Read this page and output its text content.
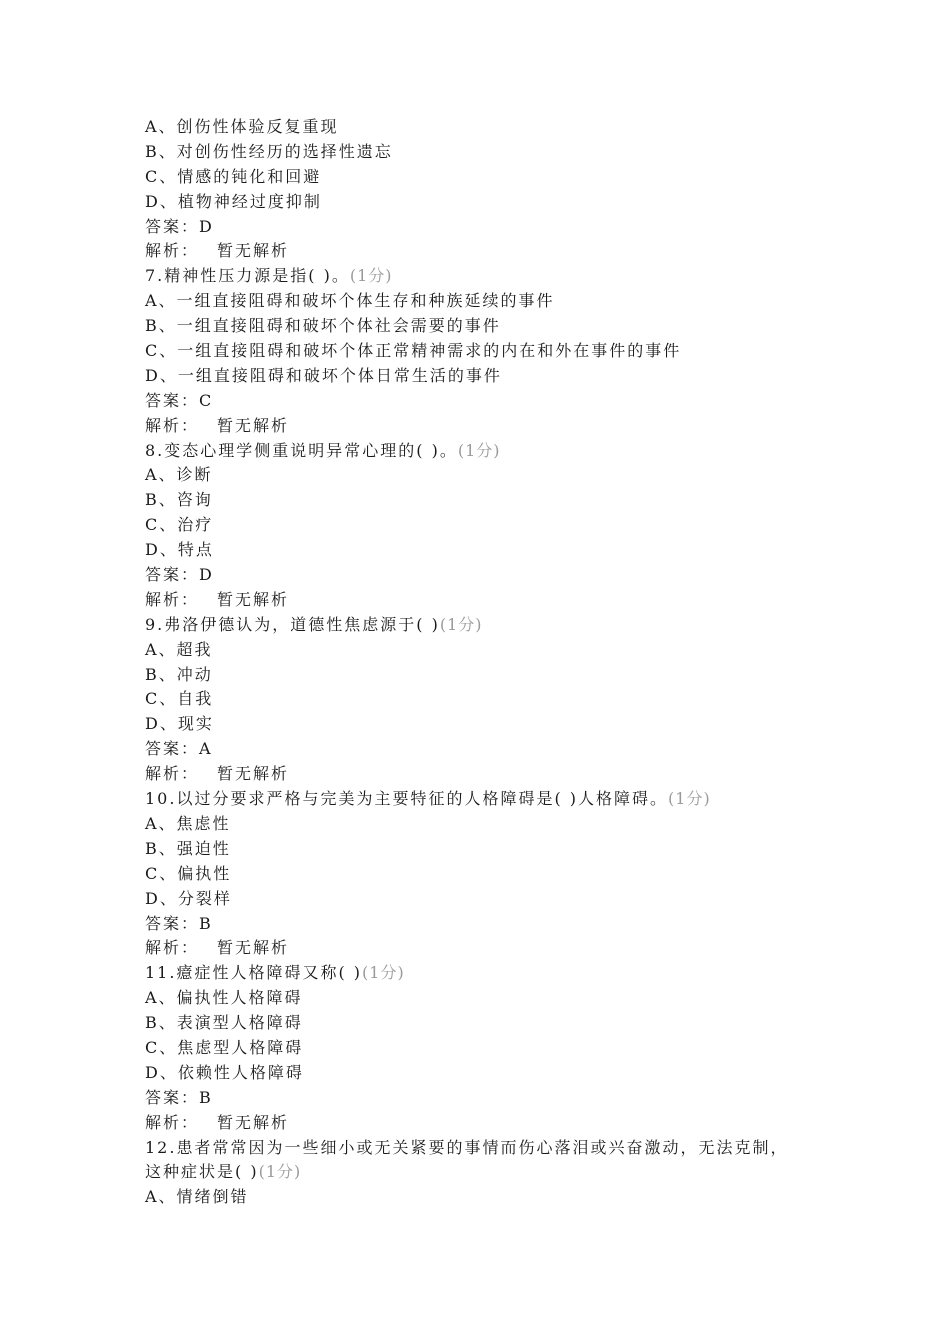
A、创伤性体验反复重现
B、对创伤性经历的选择性遗忘
C、情感的钝化和回避
D、植物神经过度抑制
答案：D
解析： 暂无解析
7.精神性压力源是指( )。(1分)
A、一组直接阻碍和破坏个体生存和种族延续的事件
B、一组直接阻碍和破坏个体社会需要的事件
C、一组直接阻碍和破坏个体正常精神需求的内在和外在事件的事件
D、一组直接阻碍和破坏个体日常生活的事件
答案：C
解析： 暂无解析
8.变态心理学侧重说明异常心理的( )。(1分)
A、诊断
B、咨询
C、治疗
D、特点
答案：D
解析： 暂无解析
9.弗洛伊德认为，道德性焦虑源于( )(1分)
A、超我
B、冲动
C、自我
D、现实
答案：A
解析： 暂无解析
10.以过分要求严格与完美为主要特征的人格障碍是( )人格障碍。(1分)
A、焦虑性
B、强迫性
C、偏执性
D、分裂样
答案：B
解析： 暂无解析
11.癔症性人格障碍又称( )(1分)
A、偏执性人格障碍
B、表演型人格障碍
C、焦虑型人格障碍
D、依赖性人格障碍
答案：B
解析： 暂无解析
12.患者常常因为一些细小或无关紧要的事情而伤心落泪或兴奋激动，无法克制，
这种症状是( )(1分)
A、情绪倒错
